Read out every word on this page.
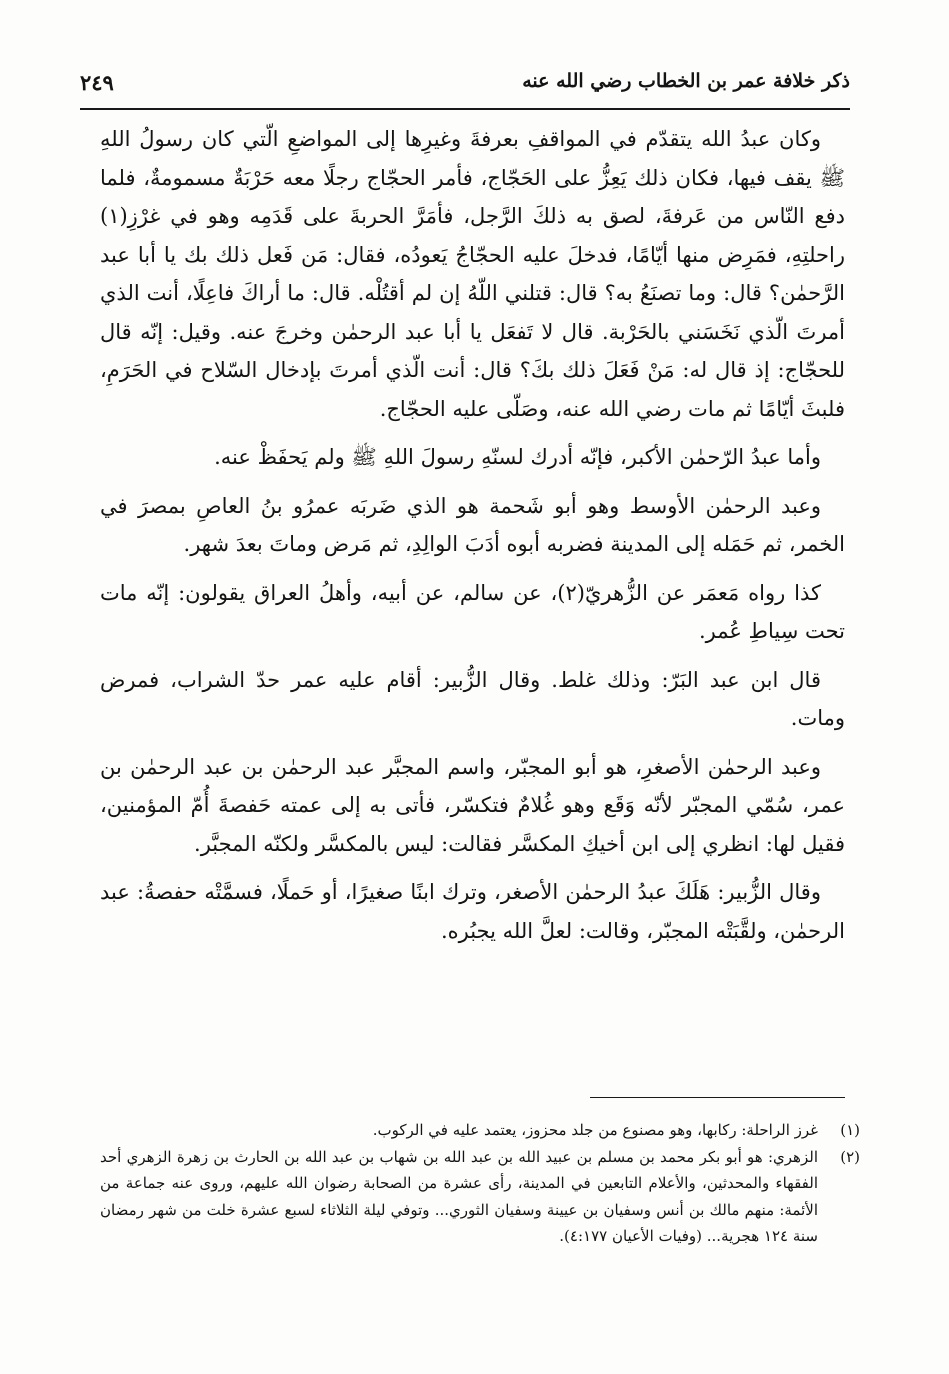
ذكر خلافة عمر بن الخطاب رضي الله عنه
٢٤٩

وكان عبدُ الله يتقدّم في المواقفِ بعرفةَ وغيرِها إلى المواضعِ الّتي كان رسولُ اللهِ ﷺ يقف فيها، فكان ذلك يَعِزُّ على الحَجّاج، فأمر الحجّاج رجلًا معه حَرْبَةٌ مسمومةٌ، فلما دفع النّاس من عَرفةَ، لصق به ذلكَ الرَّجل، فأمَرَّ الحربةَ على قَدَمِه وهو في غرْزِ(١) راحلتِهِ، فمَرِض منها أيّامًا، فدخلَ عليه الحجّاجُ يَعودُه، فقال: مَن فَعل ذلك بك يا أبا عبد الرَّحمٰن؟ قال: وما تصنَعُ به؟ قال: قتلني اللّهُ إن لم أقتُلْه. قال: ما أراكَ فاعِلًا، أنت الذي أمرتَ الّذي نَخَسَني بالحَرْبة. قال لا تَفعَل يا أبا عبد الرحمٰن وخرجَ عنه. وقيل: إنّه قال للحجّاج: إذ قال له: مَنْ فَعَلَ ذلك بكَ؟ قال: أنت الّذي أمرتَ بإدخال السّلاح في الحَرَمِ، فلبثَ أيّامًا ثم مات رضي الله عنه، وصَلّى عليه الحجّاج.

وأما عبدُ الرّحمٰن الأكبر، فإنّه أدرك لسنّهِ رسولَ اللهِ ﷺ ولم يَحفَظْ عنه.

وعبد الرحمٰن الأوسط وهو أبو شَحمة هو الذي ضَربَه عمرُو بنُ العاصِ بمصرَ في الخمر، ثم حَمَله إلى المدينة فضربه أبوه أدَبَ الوالِدِ، ثم مَرض وماتَ بعدَ شهر.

كذا رواه مَعمَر عن الزُّهريّ(٢)، عن سالم، عن أبيه، وأهلُ العراق يقولون: إنّه مات تحت سِياطِ عُمر.

قال ابن عبد البَرّ: وذلك غلط. وقال الزُّبير: أقام عليه عمر حدّ الشراب، فمرض ومات.

وعبد الرحمٰن الأصغرِ، هو أبو المجبّر، واسم المجبَّر عبد الرحمٰن بن عبد الرحمٰن بن عمر، سُمّي المجبّر لأنّه وَقَع وهو غُلامٌ فتكسّر، فأتى به إلى عمته حَفصةَ أُمّ المؤمنين، فقيل لها: انظري إلى ابن أخيكِ المكسَّر فقالت: ليس بالمكسَّر ولكنّه المجبَّر.

وقال الزُّبير: هَلَكَ عبدُ الرحمٰن الأصغر، وترك ابنًا صغيرًا، أو حَملًا، فسمَّتْه حفصةُ: عبد الرحمٰن، ولقَّبَتْه المجبّر، وقالت: لعلَّ الله يجبُره.

(١)
غرز الراحلة: ركابها، وهو مصنوع من جلد محزوز، يعتمد عليه في الركوب.
(٢)
الزهري: هو أبو بكر محمد بن مسلم بن عبيد الله بن عبد الله بن شهاب بن عبد الله بن الحارث بن زهرة الزهري أحد الفقهاء والمحدثين، والأعلام التابعين في المدينة، رأى عشرة من الصحابة رضوان الله عليهم، وروى عنه جماعة من الأئمة: منهم مالك بن أنس وسفيان بن عيينة وسفيان الثوري... وتوفي ليلة الثلاثاء لسبع عشرة خلت من شهر رمضان سنة ١٢٤ هجرية... (وفيات الأعيان ٤:١٧٧).
